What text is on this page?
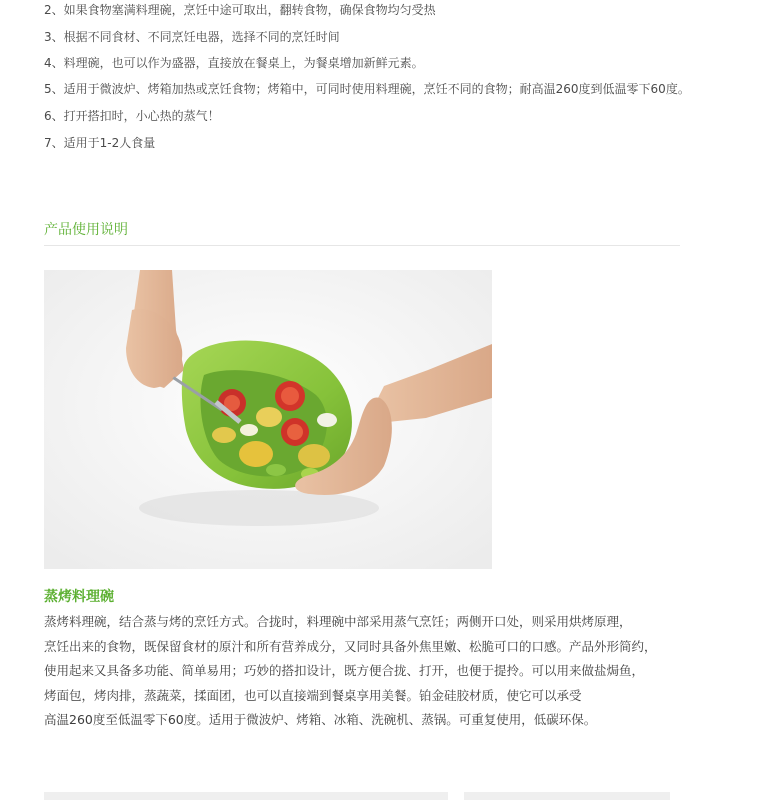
2、如果食物塞满料理碗，烹饪中途可取出，翻转食物，确保食物均匀受热
3、根据不同食材、不同烹饪电器，选择不同的烹饪时间
4、料理碗，也可以作为盛器，直接放在餐桌上，为餐桌增加新鲜元素。
5、适用于微波炉、烤箱加热或烹饪食物；烤箱中，可同时使用料理碗，烹饪不同的食物；耐高温260度到低温零下60度。
6、打开搭扣时，小心热的蒸气！
7、适用于1-2人食量
产品使用说明
蒸烤料理碗

蒸烤料理碗，结合蒸与烤的烹饪方式。合拢时，料理碗中部采用蒸气烹饪；两侧开口处，则采用烘烤原理，

烹饪出来的食物，既保留食材的原汁和所有营养成分，又同时具备外焦里嫩、松脆可口的口感。产品外形简约，

使用起来又具备多功能、简单易用；巧妙的搭扣设计，既方便合拢、打开，也便于提拎。可以用来做盐焗鱼，

烤面包，烤肉排，蒸蔬菜，揉面团，也可以直接端到餐桌享用美餐。铂金硅胶材质，使它可以承受

高温260度至低温零下60度。适用于微波炉、烤箱、冰箱、洗碗机、蒸锅。可重复使用，低碳环保。
